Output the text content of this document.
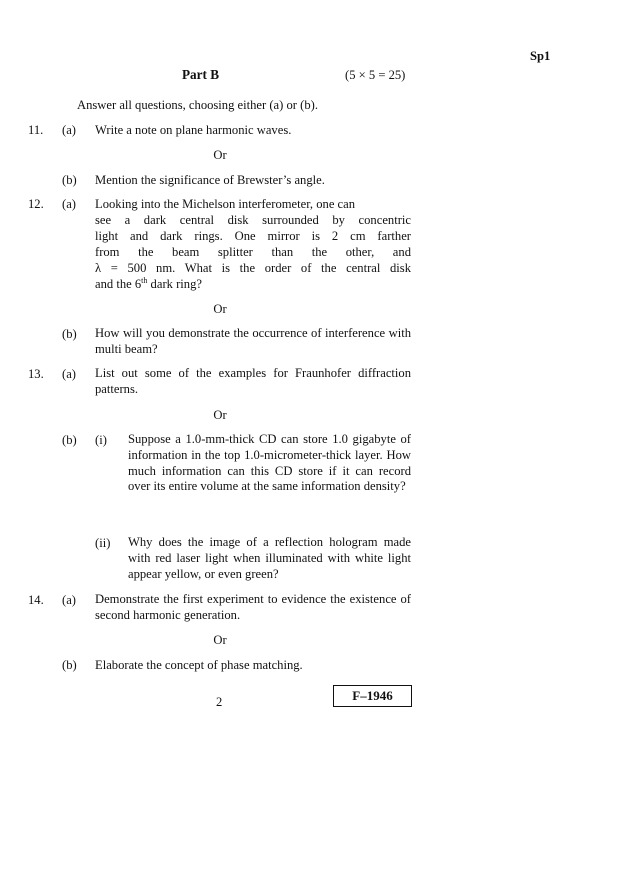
Sp1
Part B	(5 × 5 = 25)
Answer all questions, choosing either (a) or (b).
11.	(a) Write a note on plane harmonic waves.
Or
(b) Mention the significance of Brewster’s angle.
12.	(a) Looking into the Michelson interferometer, one can
see a dark central disk surrounded by concentric
light and dark rings. One mirror is 2 cm farther
from the beam splitter than the other, and
λ = 500 nm. What is the order of the central disk
and the 6th dark ring?
Or
(b) How will you demonstrate the occurrence of interference with multi beam?
13.	(a) List out some of the examples for Fraunhofer diffraction patterns.
Or
(b) (i) Suppose a 1.0-mm-thick CD can store 1.0 gigabyte of information in the top 1.0-micrometer-thick layer. How much information can this CD store if it can record over its entire volume at the same information density?
(ii) Why does the image of a reflection hologram made with red laser light when illuminated with white light appear yellow, or even green?
14.	(a) Demonstrate the first experiment to evidence the existence of second harmonic generation.
Or
(b) Elaborate the concept of phase matching.
2	F–1946
